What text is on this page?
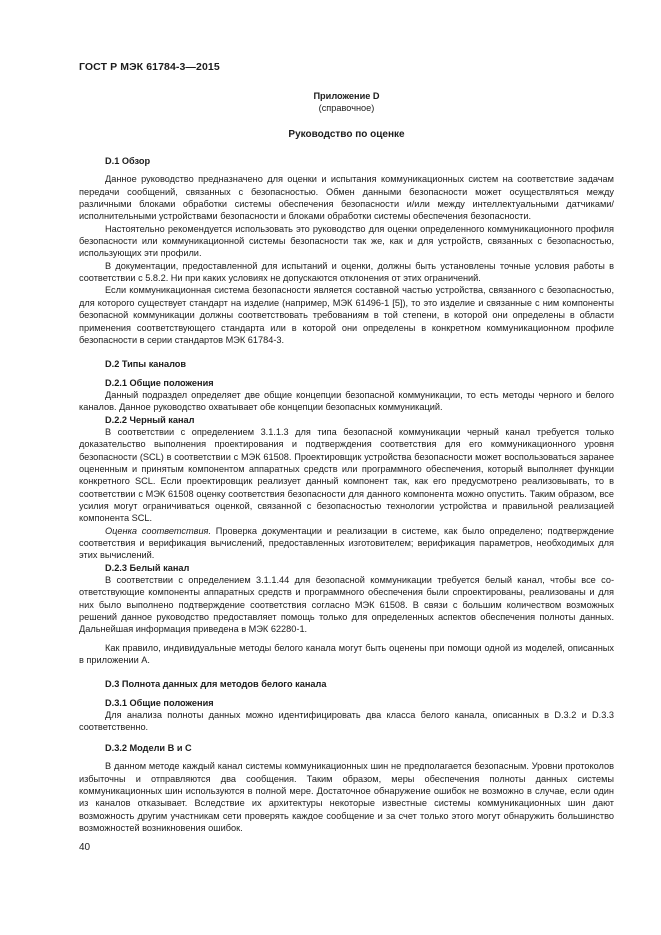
ГОСТ Р МЭК 61784-3—2015
Приложение D
(справочное)
Руководство по оценке
D.1 Обзор

Данное руководство предназначено для оценки и испытания коммуникационных систем на соответствие задачам передачи сообщений, связанных с безопасностью. Обмен данными безопасности может осуществляться между различными блоками обработки системы обеспечения безопасности и/или между интеллектуальными датчиками/исполнительными устройствами безопасности и блоками обработки системы обеспечения безопасности.

Настоятельно рекомендуется использовать это руководство для оценки определенного коммуникационного профиля безопасности или коммуникационной системы безопасности так же, как и для устройств, связанных с безопасностью, использующих эти профили.

В документации, предоставленной для испытаний и оценки, должны быть установлены точные условия работы в соответствии с 5.8.2. Ни при каких условиях не допускаются отклонения от этих ограничений.

Если коммуникационная система безопасности является составной частью устройства, связанного с безопасностью, для которого существует стандарт на изделие (например, МЭК 61496-1 [5]), то это изделие и связанные с ним компоненты безопасной коммуникации должны соответствовать требованиям в той степени, в которой они определены в области применения соответствующего стандарта или в которой они определены в конкретном коммуникационном профиле безопасности в серии стандартов МЭК 61784-3.

D.2 Типы каналов
D.2.1 Общие положения

Данный подраздел определяет две общие концепции безопасной коммуникации, то есть методы черного и белого каналов. Данное руководство охватывает обе концепции безопасных коммуникаций.

D.2.2 Черный канал

В соответствии с определением 3.1.1.3 для типа безопасной коммуникации черный канал требуется только доказательство выполнения проектирования и подтверждения соответствия для его коммуникационного уровня безопасности (SCL) в соответствии с МЭК 61508. Проектировщик устройства безопасности может воспользоваться заранее оцененным и принятым компонентом аппаратных средств или программного обеспечения, который выполняет функции конкретного SCL. Если проектировщик реализует данный компонент так, как его предусмотрено реализовывать, то в соответствии с МЭК 61508 оценку соответствия безопасности для данного компонента можно опустить. Таким образом, все усилия могут ограничиваться оценкой, связанной с безопасностью технологии устройства и правильной реализацией компонента SCL.

Оценка соответствия. Проверка документации и реализации в системе, как было определено; подтверждение соответствия и верификация вычислений, предоставленных изготовителем; верификация параметров, необходимых для этих вычислений.

D.2.3 Белый канал

В соответствии с определением 3.1.1.44 для безопасной коммуникации требуется белый канал, чтобы все соответствующие компоненты аппаратных средств и программного обеспечения были спроектированы, реализованы и для них было выполнено подтверждение соответствия согласно МЭК 61508. В связи с большим количеством возможных решений данное руководство предоставляет помощь только для определенных аспектов обеспечения полноты данных. Дальнейшая информация приведена в МЭК 62280-1.

Как правило, индивидуальные методы белого канала могут быть оценены при помощи одной из моделей, описанных в приложении А.

D.3 Полнота данных для методов белого канала
D.3.1 Общие положения

Для анализа полноты данных можно идентифицировать два класса белого канала, описанных в D.3.2 и D.3.3 соответственно.

D.3.2 Модели В и С

В данном методе каждый канал системы коммуникационных шин не предполагается безопасным. Уровни протоколов избыточны и отправляются два сообщения. Таким образом, меры обеспечения полноты данных системы коммуникационных шин используются в полной мере. Достаточное обнаружение ошибок не возможно в случае, если один из каналов отказывает. Вследствие их архитектуры некоторые известные системы коммуникационных шин дают возможность другим участникам сети проверять каждое сообщение и за счет только этого могут обнаружить большинство возможностей возникновения ошибок.

40
